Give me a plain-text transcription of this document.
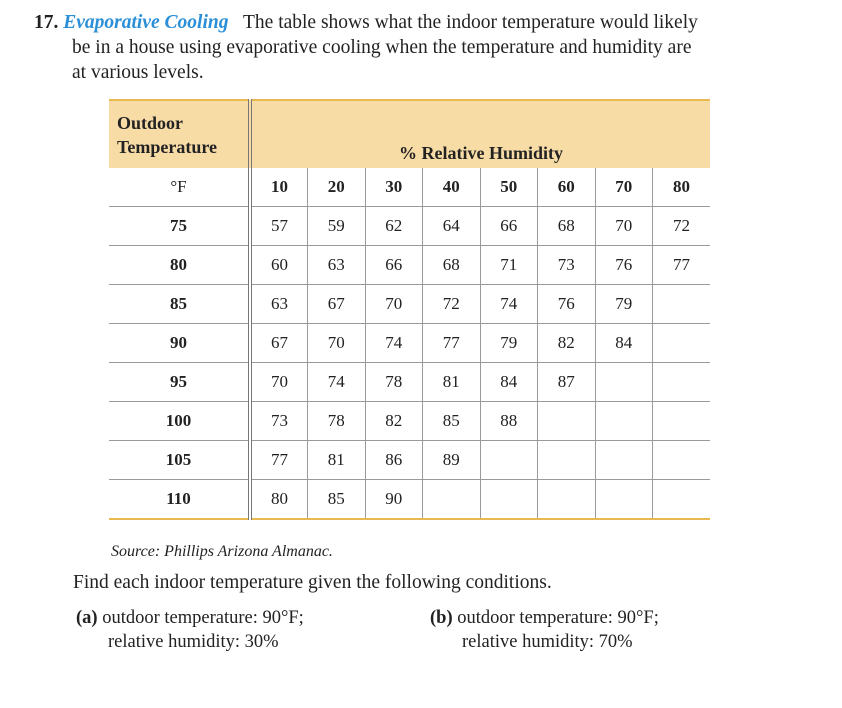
17. Evaporative Cooling The table shows what the indoor temperature would likely
be in a house using evaporative cooling when the temperature and humidity are
at various levels.
Outdoor
Temperature	% Relative Humidity							
°F	10	20	30	40	50	60	70	80
75	57	59	62	64	66	68	70	72
80	60	63	66	68	71	73	76	77
85	63	67	70	72	74	76	79	
90	67	70	74	77	79	82	84	
95	70	74	78	81	84	87		
100	73	78	82	85	88			
105	77	81	86	89				
110	80	85	90					
Source: Phillips Arizona Almanac.
Find each indoor temperature given the following conditions.
(a) outdoor temperature: 90°F;
relative humidity: 30%
(b) outdoor temperature: 90°F;
relative humidity: 70%
